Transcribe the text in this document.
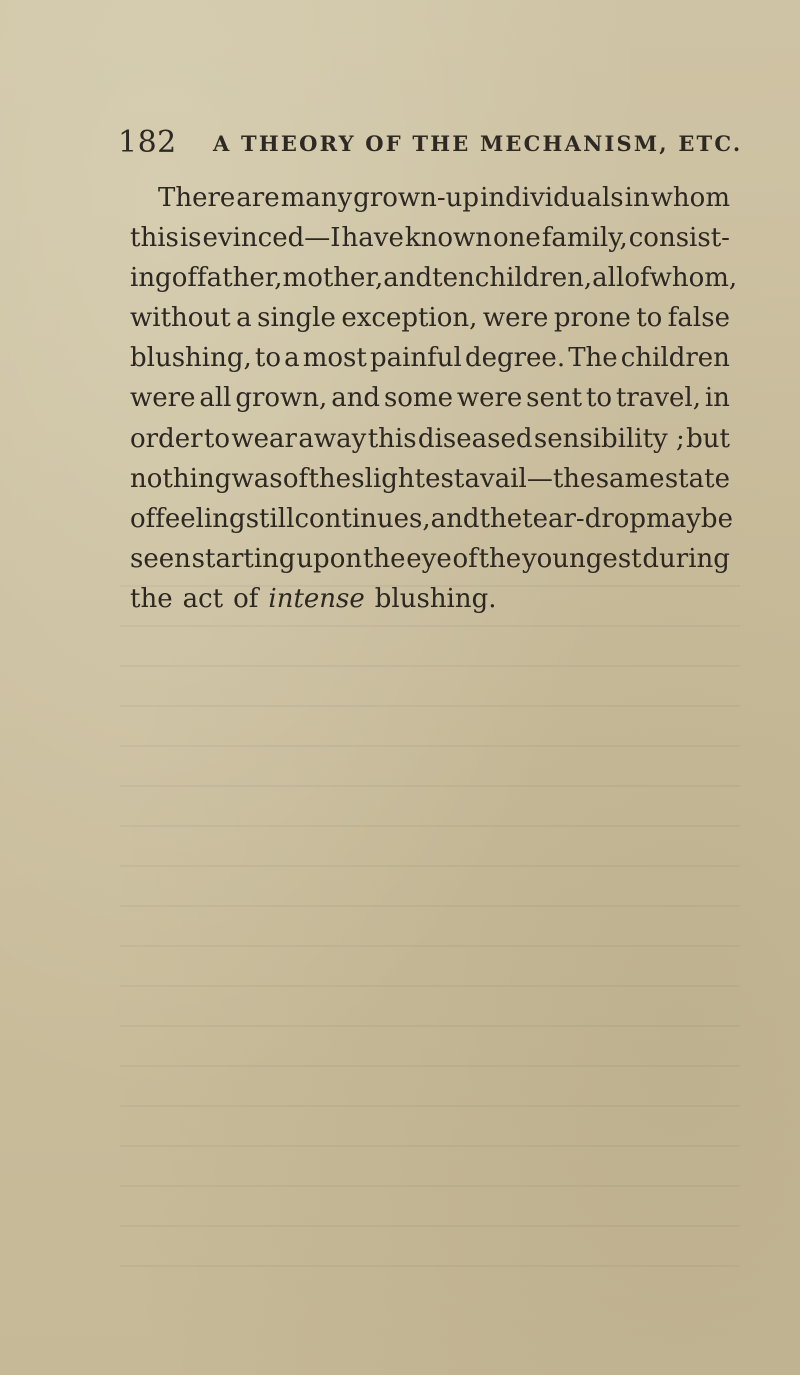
182 A THEORY OF THE MECHANISM, ETC.
There are many grown-up individuals in whom
this is evinced—I have known one family, consist-
ing of father, mother, and ten children, all of whom,
without a single exception, were prone to false
blushing, to a most painful degree. The children
were all grown, and some were sent to travel, in
order to wear away this diseased sensibility ; but
nothing was of the slightest avail—the same state
of feeling still continues, and the tear-drop may be
seen starting upon the eye of the youngest during
the act of intense blushing.
